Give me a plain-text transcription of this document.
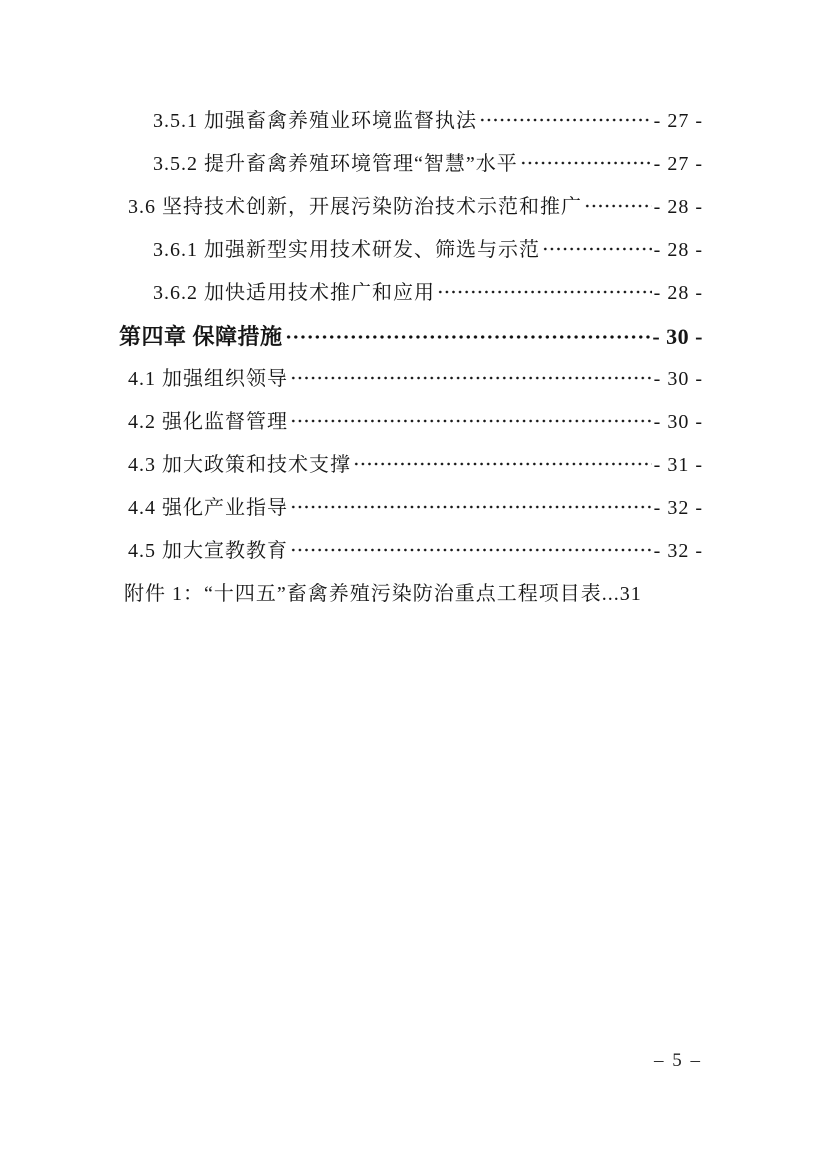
3.5.1 加强畜禽养殖业环境监督执法	- 27 -
3.5.2 提升畜禽养殖环境管理“智慧”水平	- 27 -
3.6 坚持技术创新，开展污染防治技术示范和推广	- 28 -
3.6.1 加强新型实用技术研发、筛选与示范	- 28 -
3.6.2 加快适用技术推广和应用	- 28 -
第四章 保障措施	- 30 -
4.1 加强组织领导	- 30 -
4.2 强化监督管理	- 30 -
4.3 加大政策和技术支撑	- 31 -
4.4 强化产业指导	- 32 -
4.5 加大宣教教育	- 32 -
附件 1：“十四五”畜禽养殖污染防治重点工程项目表... 31
– 5 –
